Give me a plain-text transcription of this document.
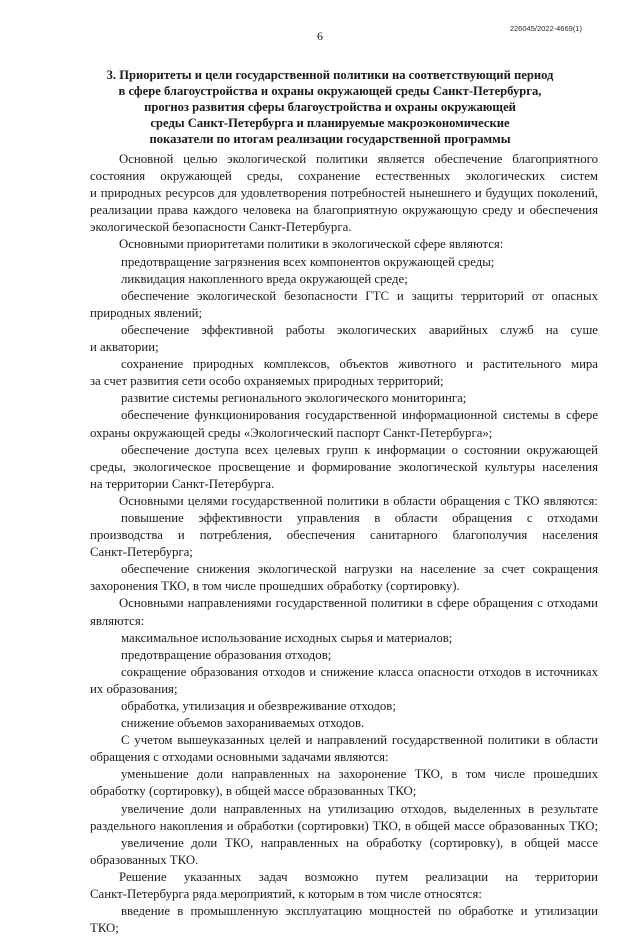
6
226045/2022-4669(1)
3. Приоритеты и цели государственной политики на соответствующий период
в сфере благоустройства и охраны окружающей среды Санкт-Петербурга,
прогноз развития сферы благоустройства и охраны окружающей
среды Санкт-Петербурга и планируемые макроэкономические
показатели по итогам реализации государственной программы
Основной целью экологической политики является обеспечение благоприятного
состояния окружающей среды, сохранение естественных экологических систем
и природных ресурсов для удовлетворения потребностей нынешнего и будущих поколений,
реализации права каждого человека на благоприятную окружающую среду и обеспечения
экологической безопасности Санкт-Петербурга.
Основными приоритетами политики в экологической сфере являются:
предотвращение загрязнения всех компонентов окружающей среды;
ликвидация накопленного вреда окружающей среде;
обеспечение экологической безопасности ГТС и защиты территорий от опасных
природных явлений;
обеспечение эффективной работы экологических аварийных служб на суше
и акватории;
сохранение природных комплексов, объектов животного и растительного мира
за счет развития сети особо охраняемых природных территорий;
развитие системы регионального экологического мониторинга;
обеспечение функционирования государственной информационной системы в сфере
охраны окружающей среды «Экологический паспорт Санкт-Петербурга»;
обеспечение доступа всех целевых групп к информации о состоянии окружающей
среды, экологическое просвещение и формирование экологической культуры населения
на территории Санкт-Петербурга.
Основными целями государственной политики в области обращения с ТКО являются:
повышение эффективности управления в области обращения с отходами
производства и потребления, обеспечения санитарного благополучия населения
Санкт-Петербурга;
обеспечение снижения экологической нагрузки на население за счет сокращения
захоронения ТКО, в том числе прошедших обработку (сортировку).
Основными направлениями государственной политики в сфере обращения с отходами
являются:
максимальное использование исходных сырья и материалов;
предотвращение образования отходов;
сокращение образования отходов и снижение класса опасности отходов в источниках
их образования;
обработка, утилизация и обезвреживание отходов;
снижение объемов захораниваемых отходов.
С учетом вышеуказанных целей и направлений государственной политики в области
обращения с отходами основными задачами являются:
уменьшение доли направленных на захоронение ТКО, в том числе прошедших
обработку (сортировку), в общей массе образованных ТКО;
увеличение доли направленных на утилизацию отходов, выделенных в результате
раздельного накопления и обработки (сортировки) ТКО, в общей массе образованных ТКО;
увеличение доли ТКО, направленных на обработку (сортировку), в общей массе
образованных ТКО.
Решение указанных задач возможно путем реализации на территории
Санкт-Петербурга ряда мероприятий, к которым в том числе относятся:
введение в промышленную эксплуатацию мощностей по обработке и утилизации
ТКО;
